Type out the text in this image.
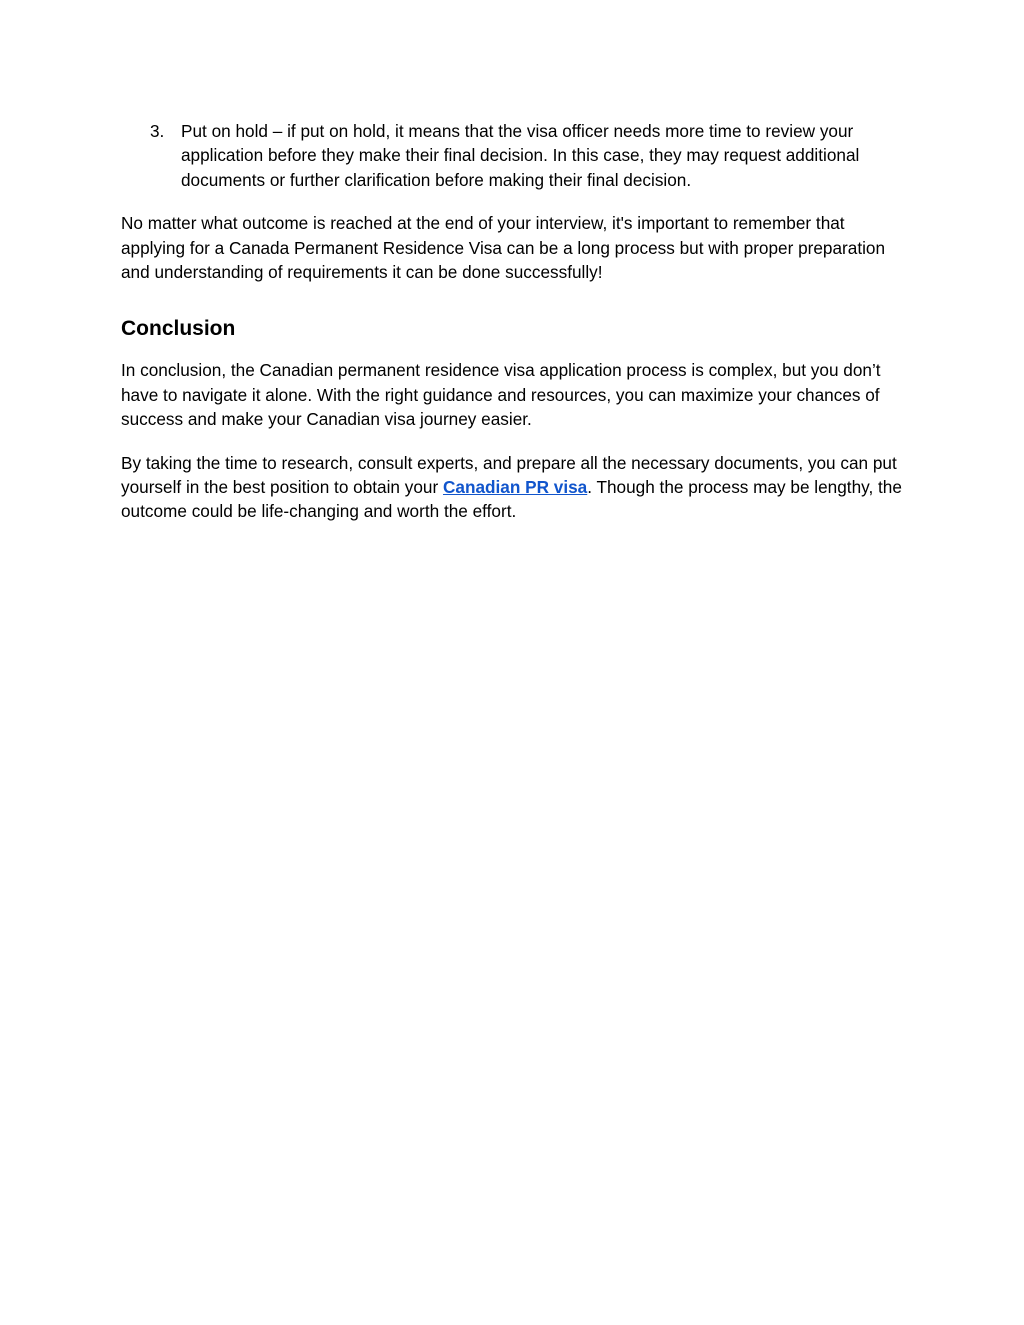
3. Put on hold – if put on hold, it means that the visa officer needs more time to review your application before they make their final decision. In this case, they may request additional documents or further clarification before making their final decision.

No matter what outcome is reached at the end of your interview, it's important to remember that applying for a Canada Permanent Residence Visa can be a long process but with proper preparation and understanding of requirements it can be done successfully!

Conclusion

In conclusion, the Canadian permanent residence visa application process is complex, but you don’t have to navigate it alone. With the right guidance and resources, you can maximize your chances of success and make your Canadian visa journey easier.

By taking the time to research, consult experts, and prepare all the necessary documents, you can put yourself in the best position to obtain your Canadian PR visa. Though the process may be lengthy, the outcome could be life-changing and worth the effort.
